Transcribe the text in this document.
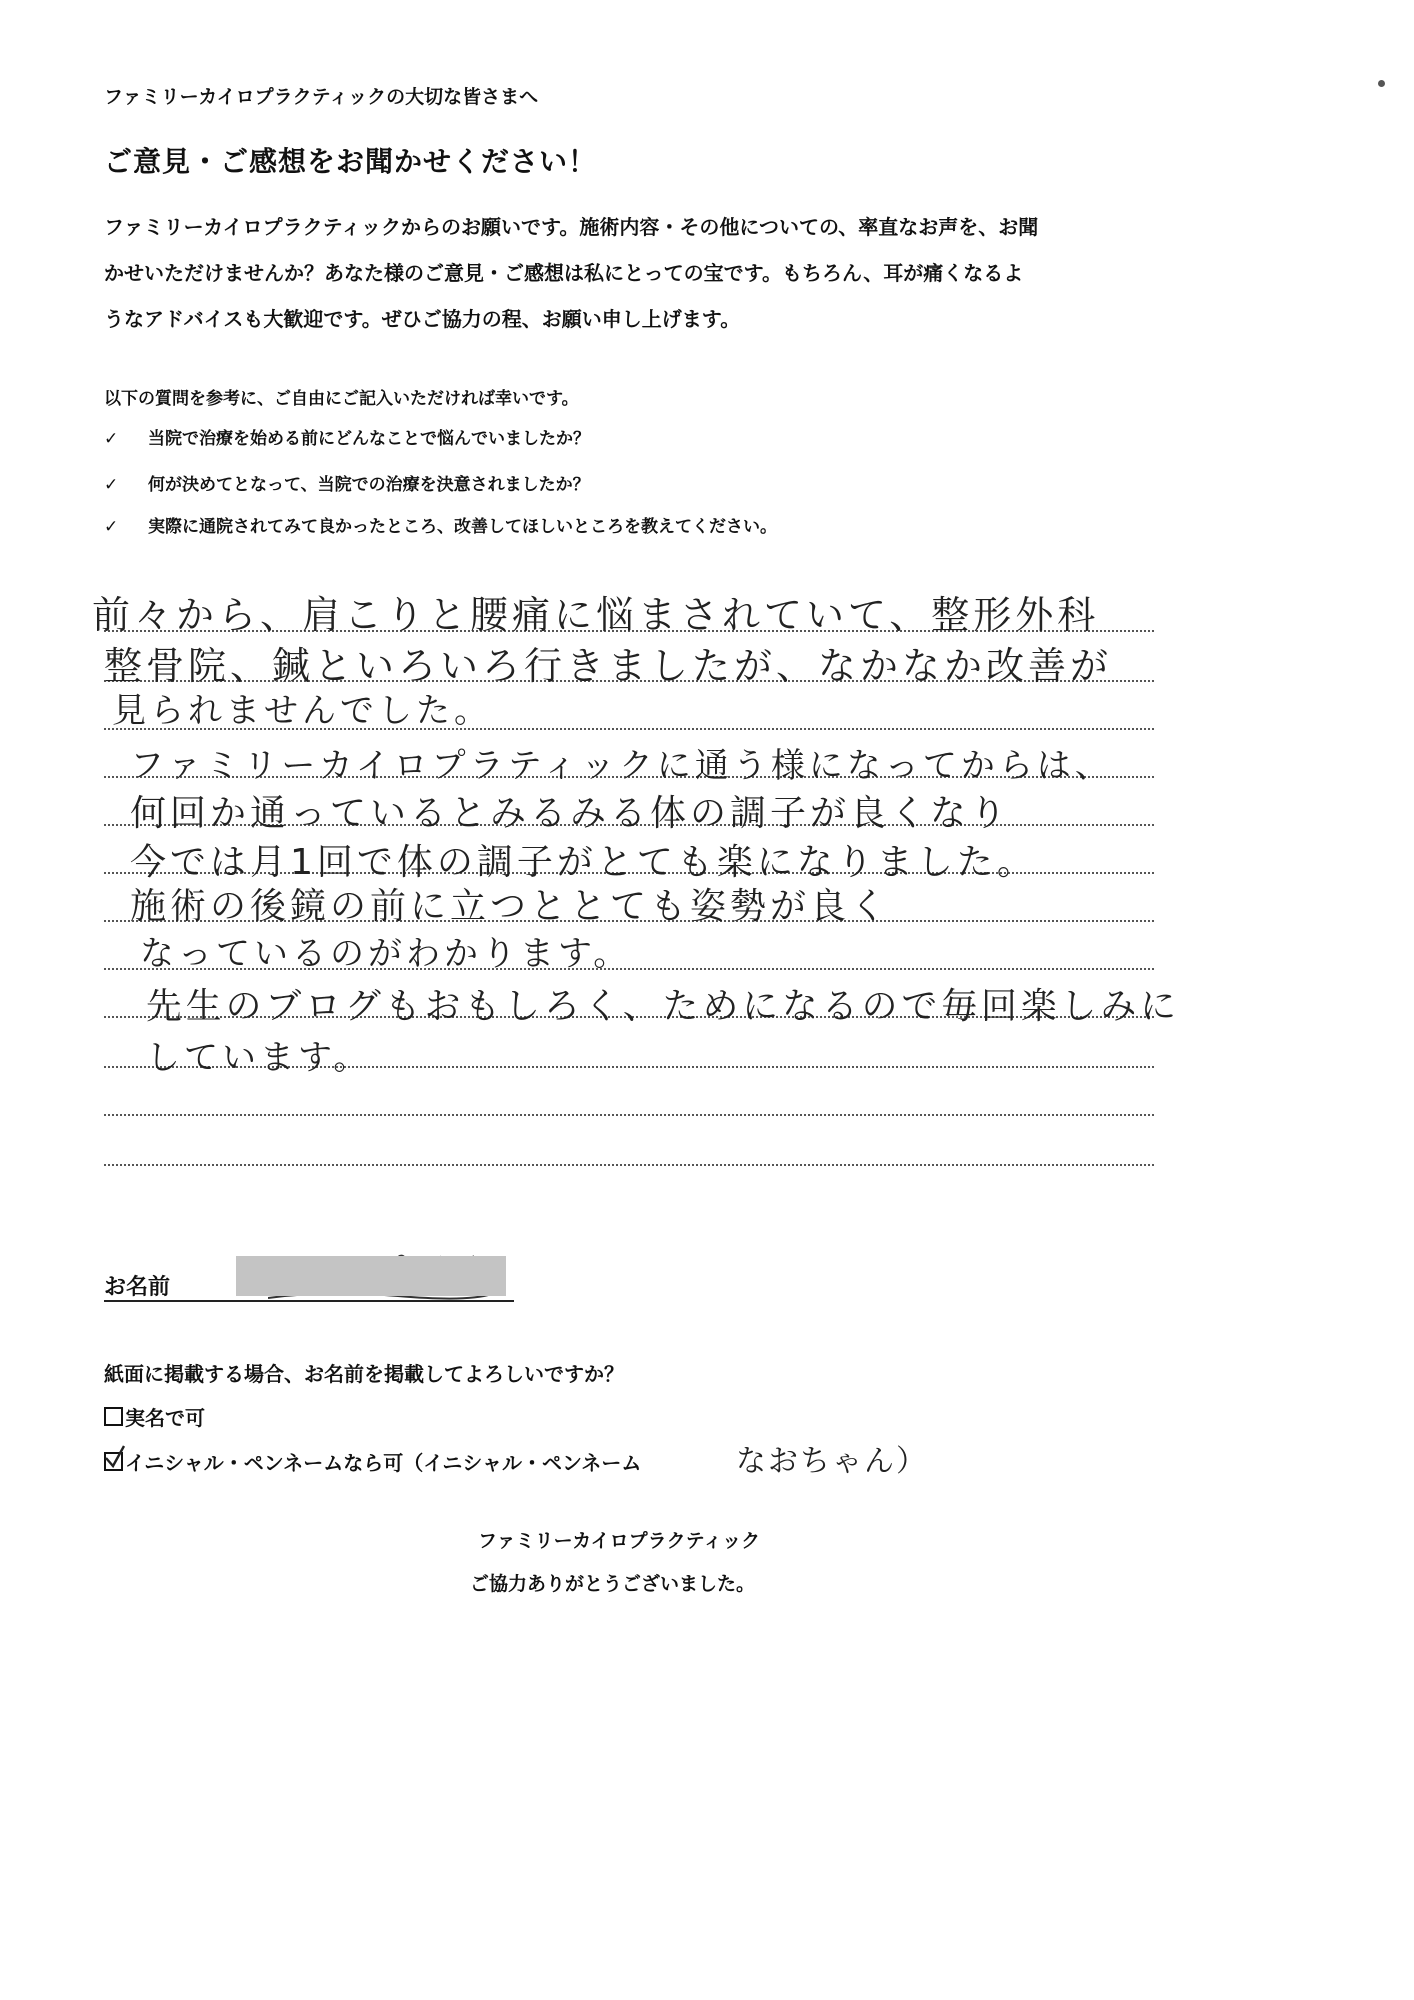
ファミリーカイロプラクティックの大切な皆さまへ
ご意見・ご感想をお聞かせください！
ファミリーカイロプラクティックからのお願いです。施術内容・その他についての、率直なお声を、お聞
かせいただけませんか？あなた様のご意見・ご感想は私にとっての宝です。もちろん、耳が痛くなるよ
うなアドバイスも大歓迎です。ぜひご協力の程、お願い申し上げます。
以下の質問を参考に、ご自由にご記入いただければ幸いです。
✓ 当院で治療を始める前にどんなことで悩んでいましたか？
✓ 何が決めてとなって、当院での治療を決意されましたか？
✓ 実際に通院されてみて良かったところ、改善してほしいところを教えてください。
前々から、肩こりと腰痛に悩まされていて、整形外科
整骨院、鍼といろいろ行きましたが、なかなか改善が
見られませんでした。
ファミリーカイロプラティックに通う様になってからは、
何回か通っているとみるみる体の調子が良くなり
今では月1回で体の調子がとても楽になりました。
施術の後鏡の前に立つととても姿勢が良く
なっているのがわかります。
先生のブログもおもしろく、ためになるので毎回楽しみに
しています。
お名前
紙面に掲載する場合、お名前を掲載してよろしいですか？
実名で可
イニシャル・ペンネームなら可（イニシャル・ペンネーム	なおちゃん）
ファミリーカイロプラクティック
ご協力ありがとうございました。
